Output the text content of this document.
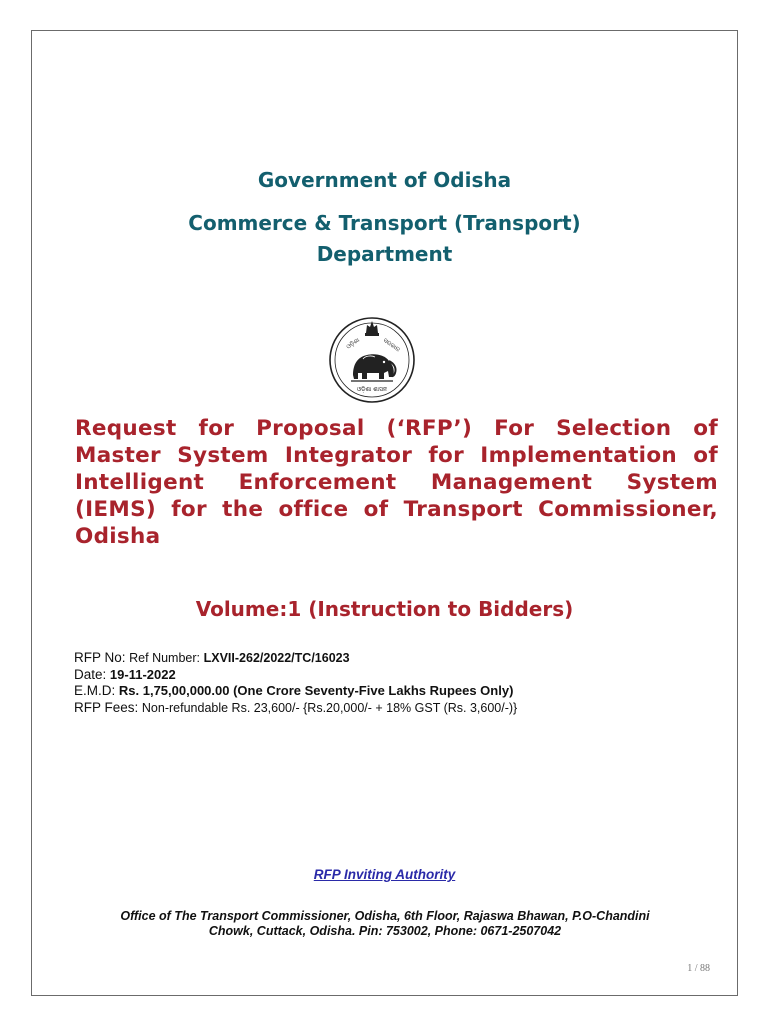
Government of Odisha
Commerce & Transport (Transport)
Department
ଓଡ଼ିଶା	ସରକାର
ଓଡ଼ିଶା ଶାସନ
Request for Proposal (‘RFP’) For Selection of Master System Integrator for Implementation of Intelligent Enforcement Management System (IEMS) for the office of Transport Commissioner, Odisha
Volume:1 (Instruction to Bidders)
RFP No: Ref Number: LXVII-262/2022/TC/16023
Date: 19-11-2022
E.M.D: Rs. 1,75,00,000.00 (One Crore Seventy-Five Lakhs Rupees Only)
RFP Fees: Non-refundable Rs. 23,600/- {Rs.20,000/- + 18% GST (Rs. 3,600/-)}
RFP Inviting Authority
Office of The Transport Commissioner, Odisha, 6th Floor, Rajaswa Bhawan, P.O-Chandini
Chowk, Cuttack, Odisha. Pin: 753002, Phone: 0671-2507042
1 / 88
